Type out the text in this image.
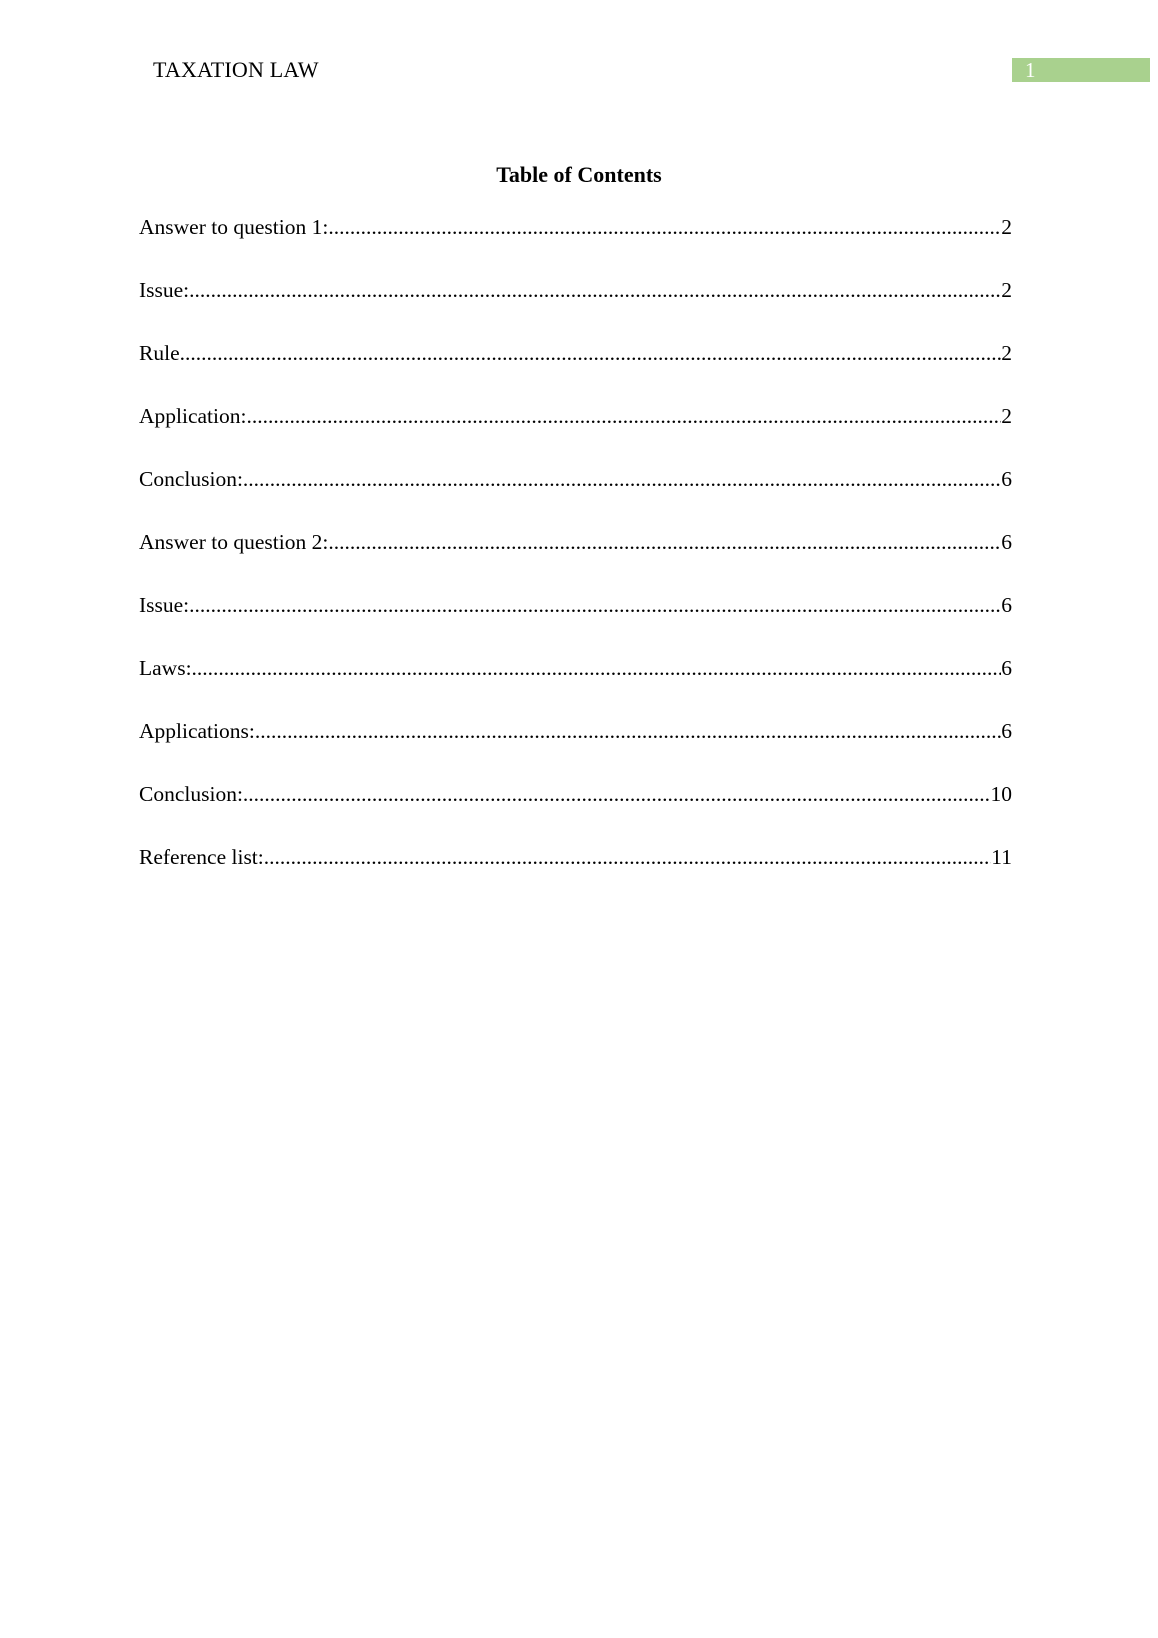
TAXATION LAW	1
Table of Contents
Answer to question 1: .....	2
Issue: .....	2
Rule .....	2
Application: .....	2
Conclusion: .....	6
Answer to question 2: .....	6
Issue: .....	6
Laws: .....	6
Applications: .....	6
Conclusion: .....	10
Reference list: .....	11
